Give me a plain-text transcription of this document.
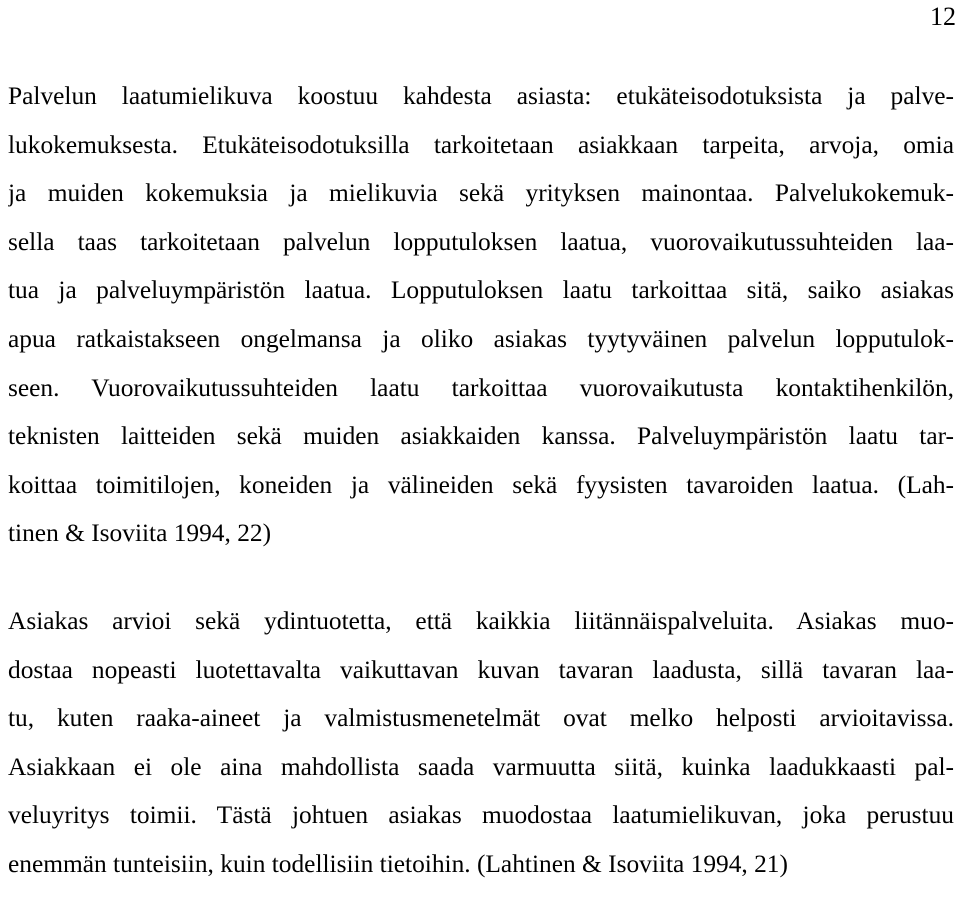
12
Palvelun laatumielikuva koostuu kahdesta asiasta: etukäteisodotuksista ja palve-
lukokemuksesta. Etukäteisodotuksilla tarkoitetaan asiakkaan tarpeita, arvoja, omia
ja muiden kokemuksia ja mielikuvia sekä yrityksen mainontaa. Palvelukokemuk-
sella taas tarkoitetaan palvelun lopputuloksen laatua, vuorovaikutussuhteiden laa-
tua ja palveluympäristön laatua. Lopputuloksen laatu tarkoittaa sitä, saiko asiakas
apua ratkaistakseen ongelmansa ja oliko asiakas tyytyväinen palvelun lopputulok-
seen. Vuorovaikutussuhteiden laatu tarkoittaa vuorovaikutusta kontaktihenkilön,
teknisten laitteiden sekä muiden asiakkaiden kanssa. Palveluympäristön laatu tar-
koittaa toimitilojen, koneiden ja välineiden sekä fyysisten tavaroiden laatua. (Lah-
tinen & Isoviita 1994, 22)
Asiakas arvioi sekä ydintuotetta, että kaikkia liitännäispalveluita. Asiakas muo-
dostaa nopeasti luotettavalta vaikuttavan kuvan tavaran laadusta, sillä tavaran laa-
tu, kuten raaka-aineet ja valmistusmenetelmät ovat melko helposti arvioitavissa.
Asiakkaan ei ole aina mahdollista saada varmuutta siitä, kuinka laadukkaasti pal-
veluyritys toimii. Tästä johtuen asiakas muodostaa laatumielikuvan, joka perustuu
enemmän tunteisiin, kuin todellisiin tietoihin. (Lahtinen & Isoviita 1994, 21)
